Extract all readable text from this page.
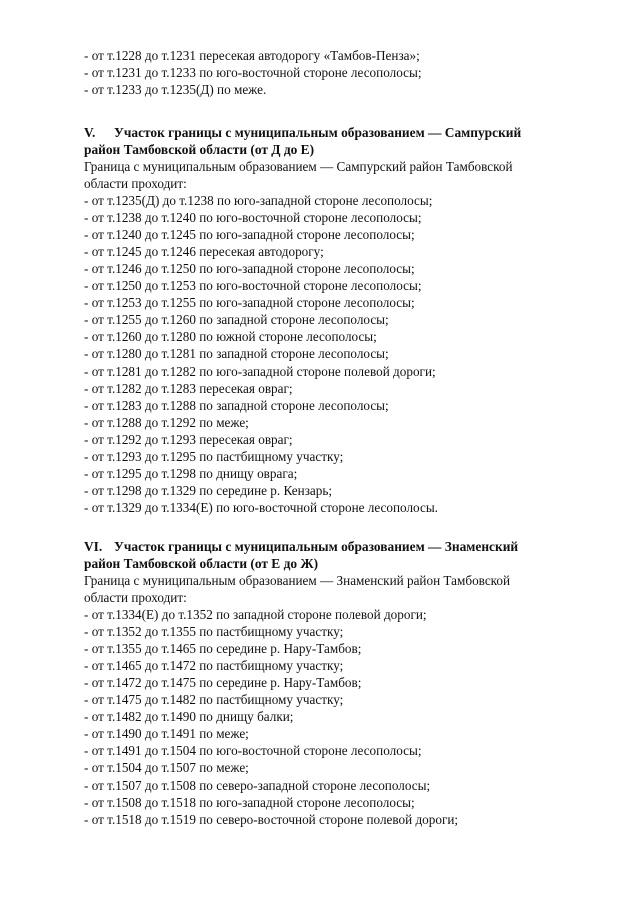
- от т.1228 до т.1231 пересекая автодорогу «Тамбов-Пенза»;
- от т.1231 до т.1233 по юго-восточной стороне лесополосы;
- от т.1233 до т.1235(Д) по меже.
V. Участок границы с муниципальным образованием — Сампурский
район Тамбовской области (от Д до Е)
Граница с муниципальным образованием — Сампурский район Тамбовской
области проходит:
- от т.1235(Д) до т.1238 по юго-западной стороне лесополосы;
- от т.1238 до т.1240 по юго-восточной стороне лесополосы;
- от т.1240 до т.1245 по юго-западной стороне лесополосы;
- от т.1245 до т.1246 пересекая автодорогу;
- от т.1246 до т.1250 по юго-западной стороне лесополосы;
- от т.1250 до т.1253 по юго-восточной стороне лесополосы;
- от т.1253 до т.1255 по юго-западной стороне лесополосы;
- от т.1255 до т.1260 по западной стороне лесополосы;
- от т.1260 до т.1280 по южной стороне лесополосы;
- от т.1280 до т.1281 по западной стороне лесополосы;
- от т.1281 до т.1282 по юго-западной стороне полевой дороги;
- от т.1282 до т.1283 пересекая овраг;
- от т.1283 до т.1288 по западной стороне лесополосы;
- от т.1288 до т.1292 по меже;
- от т.1292 до т.1293 пересекая овраг;
- от т.1293 до т.1295 по пастбищному участку;
- от т.1295 до т.1298 по днищу оврага;
- от т.1298 до т.1329 по середине р. Кензарь;
- от т.1329 до т.1334(Е) по юго-восточной стороне лесополосы.
VI. Участок границы с муниципальным образованием — Знаменский
район Тамбовской области (от Е до Ж)
Граница с муниципальным образованием — Знаменский район Тамбовской
области проходит:
- от т.1334(Е) до т.1352 по западной стороне полевой дороги;
- от т.1352 до т.1355 по пастбищному участку;
- от т.1355 до т.1465 по середине р. Нару-Тамбов;
- от т.1465 до т.1472 по пастбищному участку;
- от т.1472 до т.1475 по середине р. Нару-Тамбов;
- от т.1475 до т.1482 по пастбищному участку;
- от т.1482 до т.1490 по днищу балки;
- от т.1490 до т.1491 по меже;
- от т.1491 до т.1504 по юго-восточной стороне лесополосы;
- от т.1504 до т.1507 по меже;
- от т.1507 до т.1508 по северо-западной стороне лесополосы;
- от т.1508 до т.1518 по юго-западной стороне лесополосы;
- от т.1518 до т.1519 по северо-восточной стороне полевой дороги;
